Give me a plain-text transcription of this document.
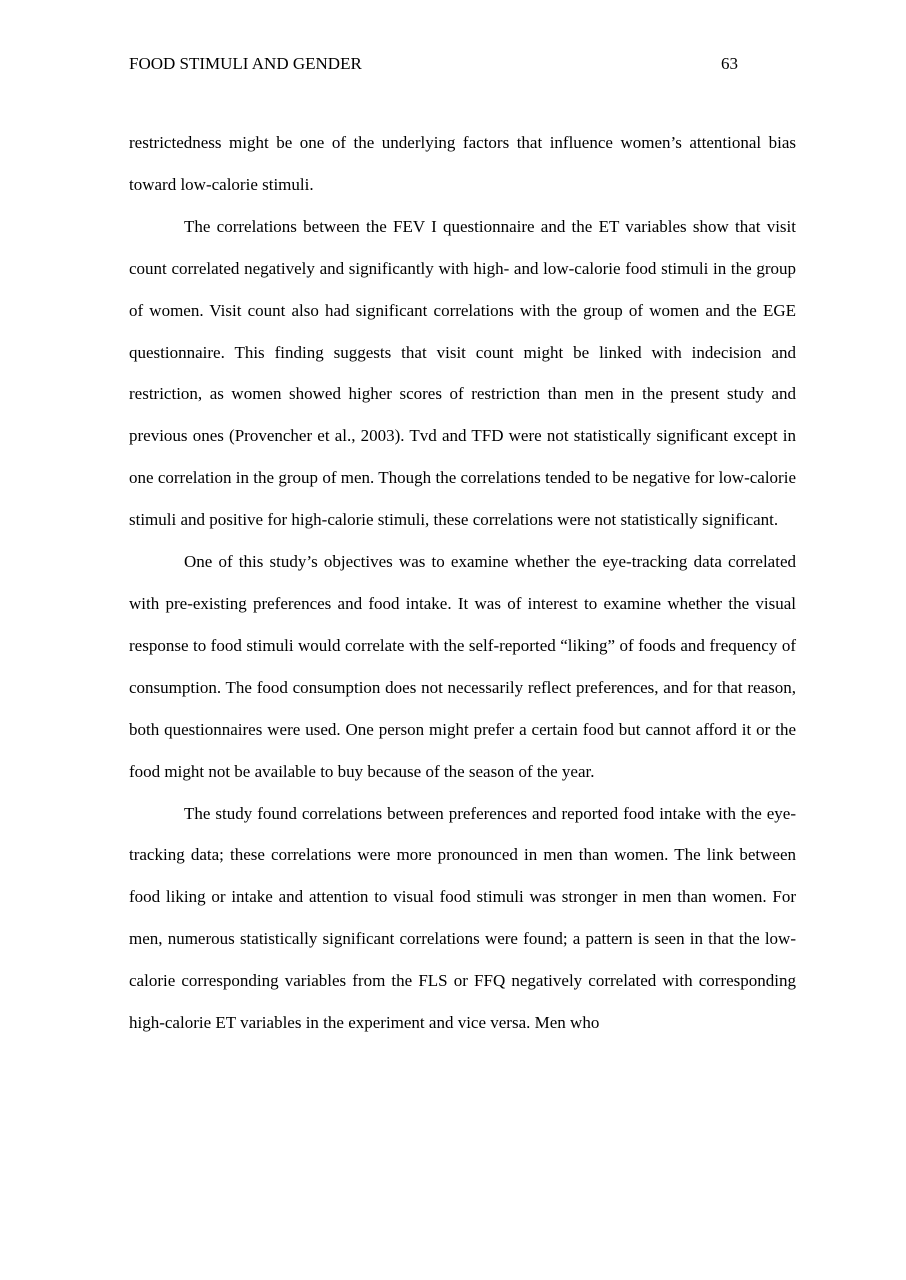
FOOD STIMULI AND GENDER	63

restrictedness might be one of the underlying factors that influence women’s attentional bias toward low-calorie stimuli.

The correlations between the FEV I questionnaire and the ET variables show that visit count correlated negatively and significantly with high- and low-calorie food stimuli in the group of women. Visit count also had significant correlations with the group of women and the EGE questionnaire. This finding suggests that visit count might be linked with indecision and restriction, as women showed higher scores of restriction than men in the present study and previous ones (Provencher et al., 2003). Tvd and TFD were not statistically significant except in one correlation in the group of men. Though the correlations tended to be negative for low-calorie stimuli and positive for high-calorie stimuli, these correlations were not statistically significant.

One of this study’s objectives was to examine whether the eye-tracking data correlated with pre-existing preferences and food intake. It was of interest to examine whether the visual response to food stimuli would correlate with the self-reported “liking” of foods and frequency of consumption. The food consumption does not necessarily reflect preferences, and for that reason, both questionnaires were used. One person might prefer a certain food but cannot afford it or the food might not be available to buy because of the season of the year.

The study found correlations between preferences and reported food intake with the eye-tracking data; these correlations were more pronounced in men than women. The link between food liking or intake and attention to visual food stimuli was stronger in men than women. For men, numerous statistically significant correlations were found; a pattern is seen in that the low-calorie corresponding variables from the FLS or FFQ negatively correlated with corresponding high-calorie ET variables in the experiment and vice versa. Men who
